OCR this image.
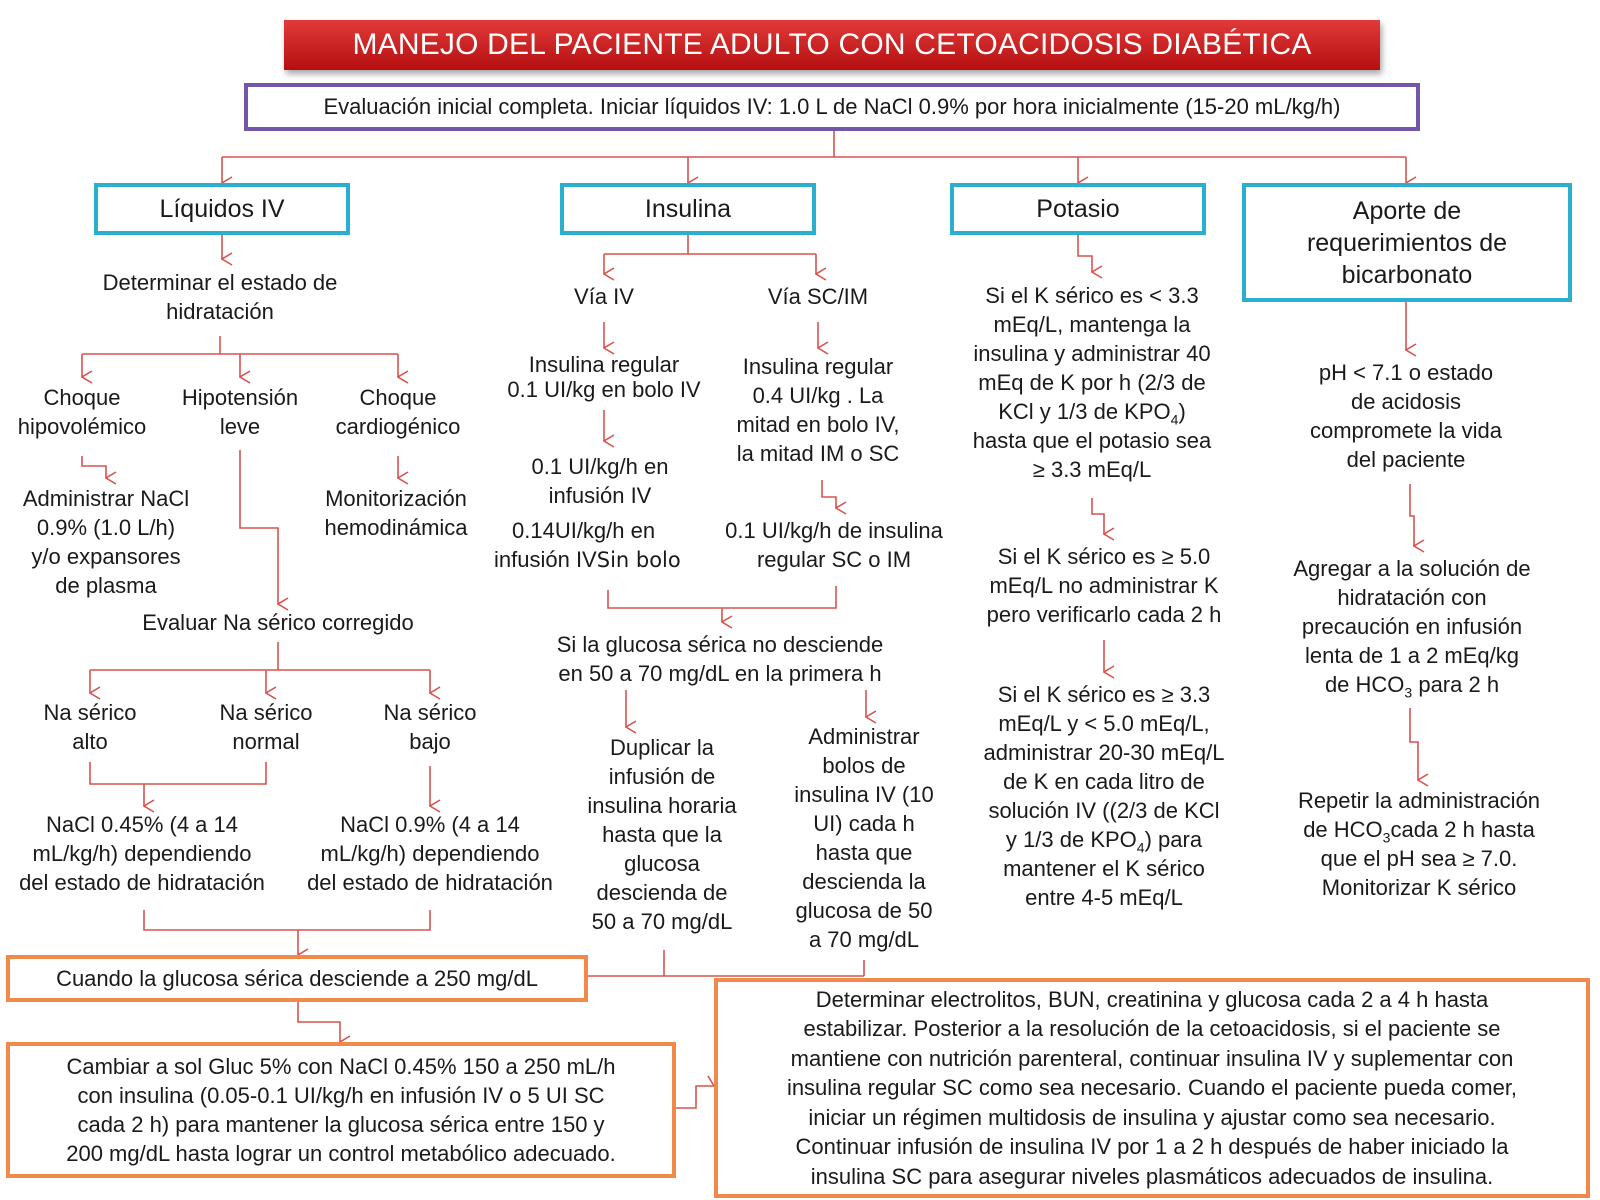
MANEJO DEL PACIENTE ADULTO CON CETOACIDOSIS DIABÉTICA
Evaluación inicial completa. Iniciar líquidos IV: 1.0 L de NaCl 0.9% por hora inicialmente (15-20 mL/kg/h)
Líquidos IV	Insulina	Potasio	Aporte de
requerimientos de
bicarbonato
Determinar el estado de
hidratación
Choque
hipovolémico
Hipotensión
leve
Choque
cardiogénico
Administrar NaCl
0.9% (1.0 L/h)
y/o expansores
de plasma
Monitorización
hemodinámica
Evaluar Na sérico corregido
Na sérico
alto
Na sérico
normal
Na sérico
bajo
NaCl 0.45% (4 a 14
mL/kg/h) dependiendo
del estado de hidratación
NaCl 0.9% (4 a 14
mL/kg/h) dependiendo
del estado de hidratación
Vía IV	Vía SC/IM
Insulina regular
0.1 UI/kg en bolo IV
Insulina regular
0.4 UI/kg . La
mitad en bolo IV,
la mitad IM o SC
0.1 UI/kg/h en
infusión IV
0.14UI/kg/h en
infusión IVSin bolo
0.1 UI/kg/h de insulina
regular SC o IM
Si la glucosa sérica no desciende
en 50 a 70 mg/dL en la primera h
Duplicar la
infusión de
insulina horaria
hasta que la
glucosa
descienda de
50 a 70 mg/dL
Administrar
bolos de
insulina IV (10
UI) cada h
hasta que
descienda la
glucosa de 50
a 70 mg/dL
Si el K sérico es < 3.3
mEq/L, mantenga la
insulina y administrar 40
mEq de K por h (2/3 de
KCl y 1/3 de $KPO_4$)
hasta que el potasio sea
≥ 3.3 mEq/L
Si el K sérico es ≥ 5.0
mEq/L no administrar K
pero verificarlo cada 2 h
Si el K sérico es ≥ 3.3
mEq/L y < 5.0 mEq/L,
administrar 20-30 mEq/L
de K en cada litro de
solución IV ((2/3 de KCl
y 1/3 de $KPO_4$) para
mantener el K sérico
entre 4-5 mEq/L
pH < 7.1 o estado
de acidosis
compromete la vida
del paciente
Agregar a la solución de
hidratación con
precaución en infusión
lenta de 1 a 2 mEq/kg
de $HCO_3$ para 2 h
Repetir la administración
de $HCO_3cada$ 2 h hasta
que el pH sea ≥ 7.0.
Monitorizar K sérico
Cuando la glucosa sérica desciende a 250 mg/dL
Cambiar a sol Gluc 5% con NaCl 0.45% 150 a 250 mL/h
con insulina (0.05-0.1 UI/kg/h en infusión IV o 5 UI SC
cada 2 h) para mantener la glucosa sérica entre 150 y
200 mg/dL hasta lograr un control metabólico adecuado.
Determinar electrolitos, BUN, creatinina y glucosa cada 2 a 4 h hasta
estabilizar. Posterior a la resolución de la cetoacidosis, si el paciente se
mantiene con nutrición parenteral, continuar insulina IV y suplementar con
insulina regular SC como sea necesario. Cuando el paciente pueda comer,
iniciar un régimen multidosis de insulina y ajustar como sea necesario.
Continuar infusión de insulina IV por 1 a 2 h después de haber iniciado la
insulina SC para asegurar niveles plasmáticos adecuados de insulina.
